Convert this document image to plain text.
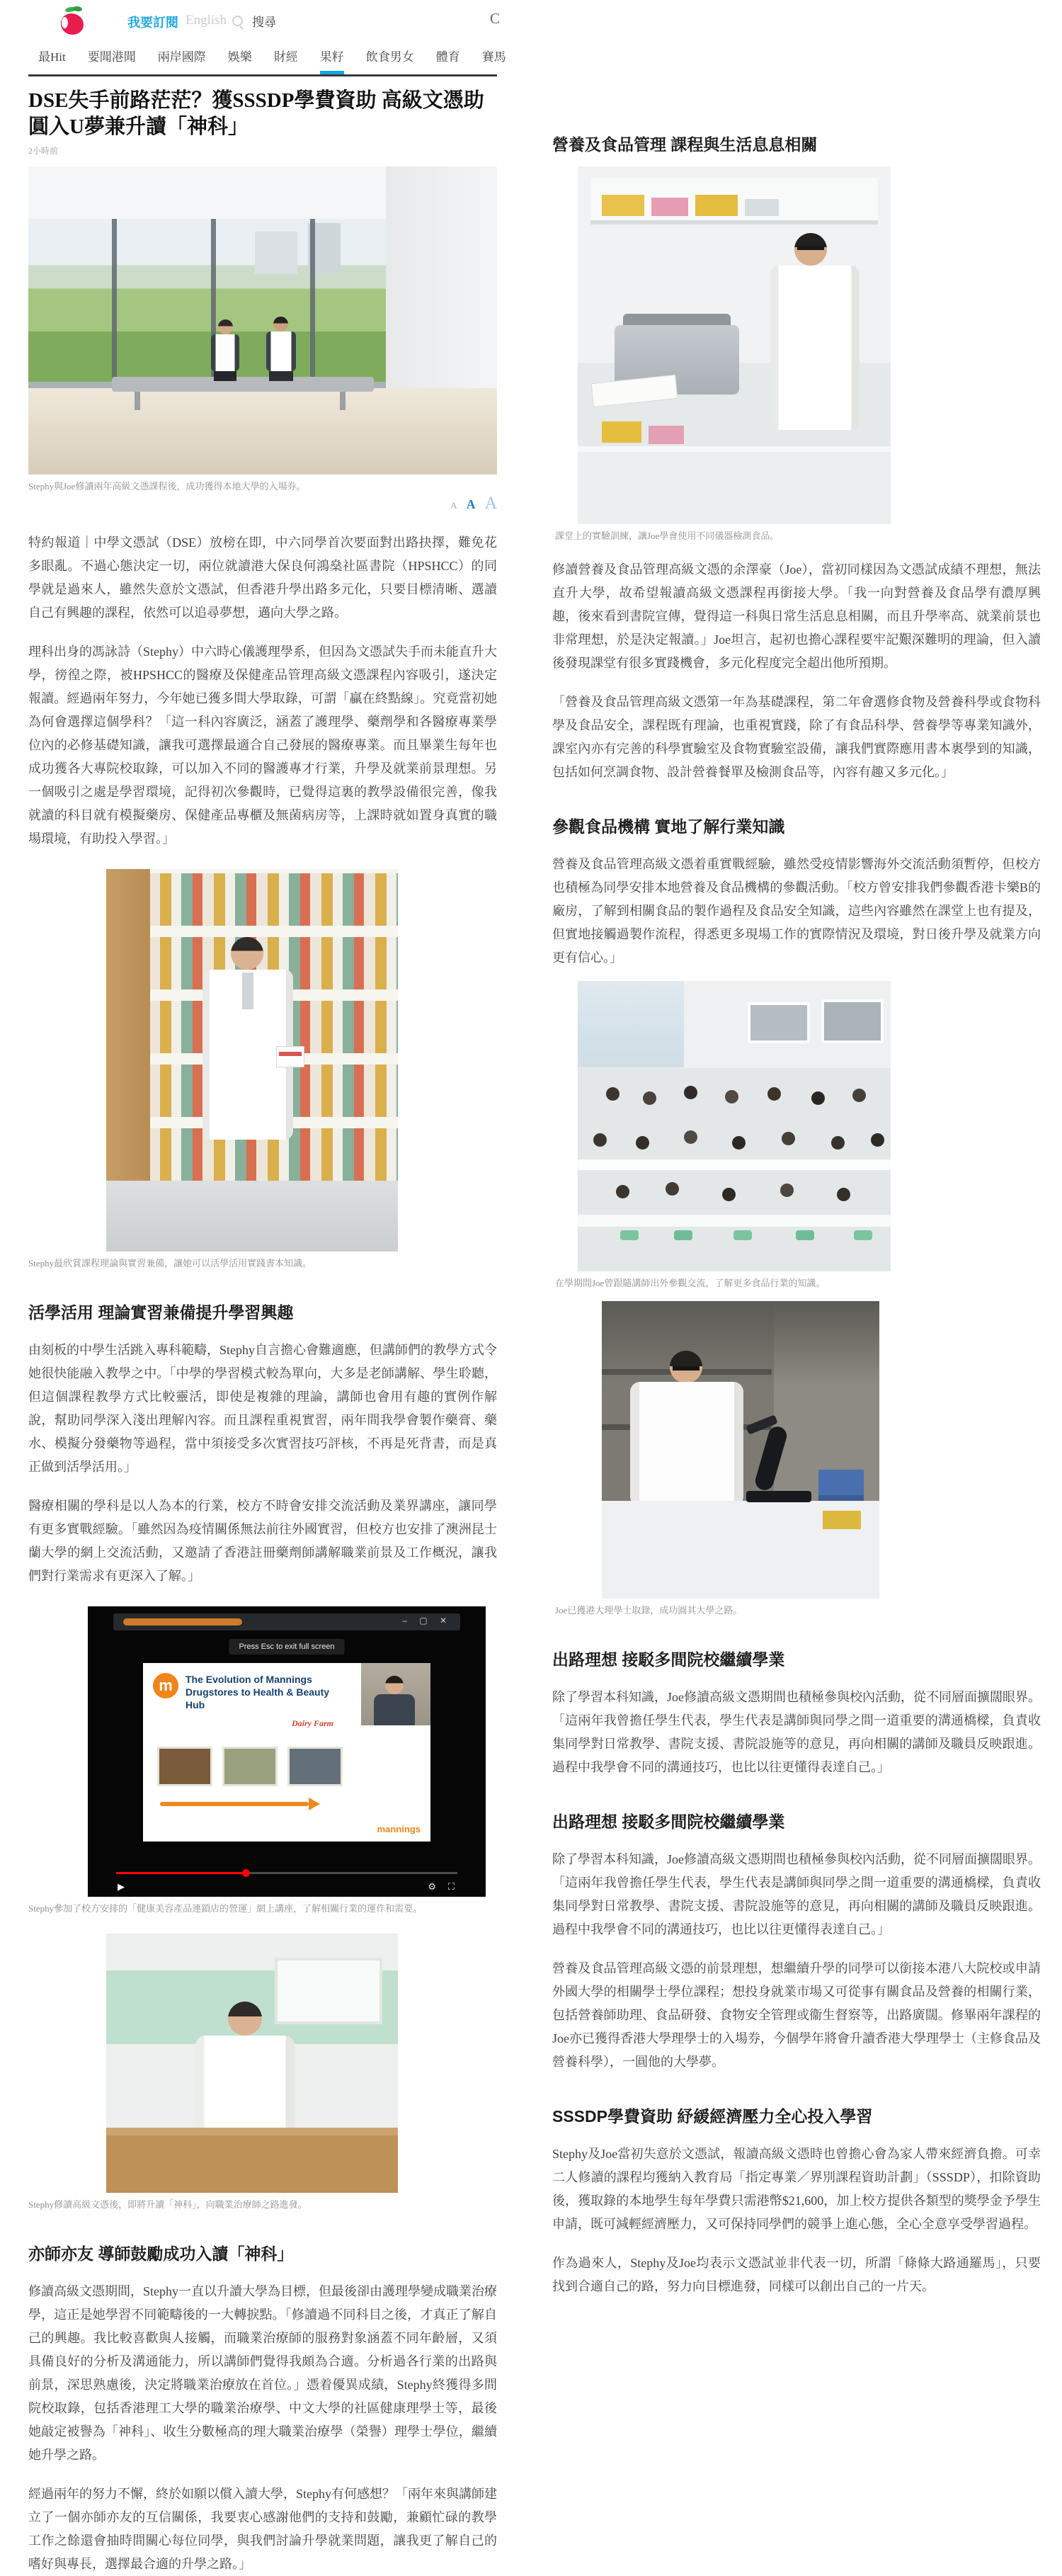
我要訂閱 English	搜尋	C
最Hit 要聞港聞 兩岸國際 娛樂 財經 果籽 飲食男女 體育 賽馬
DSE失手前路茫茫？獲SSSDP學費資助 高級文憑助圓入U夢兼升讀「神科」
2小時前
Stephy與Joe修讀兩年高級文憑課程後，成功獲得本地大學的入場券。
A A A

特約報道｜中學文憑試（DSE）放榜在即，中六同學首次要面對出路抉擇，難免花多眼亂。不過心態決定一切，兩位就讀港大保良何鴻燊社區書院（HPSHCC）的同學就是過來人，雖然失意於文憑試，但香港升學出路多元化，只要目標清晰、選讀自己有興趣的課程，依然可以追尋夢想，邁向大學之路。

理科出身的馮詠詩（Stephy）中六時心儀護理學系，但因為文憑試失手而未能直升大學，徬徨之際，被HPSHCC的醫療及保健產品管理高級文憑課程內容吸引，遂決定報讀。經過兩年努力，今年她已獲多間大學取錄，可謂「贏在終點線」。究竟當初她為何會選擇這個學科？「這一科內容廣泛，涵蓋了護理學、藥劑學和各醫療專業學位內的必修基礎知識，讓我可選擇最適合自己發展的醫療專業。而且畢業生每年也成功獲各大專院校取錄，可以加入不同的醫護專才行業，升學及就業前景理想。另一個吸引之處是學習環境，記得初次參觀時，已覺得這裏的教學設備很完善，像我就讀的科目就有模擬藥房、保健產品專櫃及無菌病房等，上課時就如置身真實的職場環境，有助投入學習。」

Stephy最欣賞課程理論與實習兼備，讓她可以活學活用實踐書本知識。
活學活用 理論實習兼備提升學習興趣

由刻板的中學生活跳入專科範疇，Stephy自言擔心會難適應，但講師們的教學方式令她很快能融入教學之中。「中學的學習模式較為單向，大多是老師講解、學生聆聽，但這個課程教學方式比較靈活，即使是複雜的理論，講師也會用有趣的實例作解說，幫助同學深入淺出理解內容。而且課程重視實習，兩年間我學會製作藥膏、藥水、模擬分發藥物等過程，當中須接受多次實習技巧評核，不再是死背書，而是真正做到活學活用。」

醫療相關的學科是以人為本的行業，校方不時會安排交流活動及業界講座，讓同學有更多實戰經驗。「雖然因為疫情關係無法前往外國實習，但校方也安排了澳洲昆士蘭大學的網上交流活動，又邀請了香港註冊藥劑師講解職業前景及工作概況，讓我們對行業需求有更深入了解。」

– ▢ ✕
Press Esc to exit full screen
m	The Evolution of Mannings Drugstores to Health & Beauty Hub
Dairy Farm
mannings
▶	⚙ ⛶
Stephy參加了校方安排的「健康美容產品連鎖店的營運」網上講座，了解相關行業的運作和需要。
Stephy修讀高級文憑後，即將升讀「神科」，向職業治療師之路進發。
亦師亦友 導師鼓勵成功入讀「神科」

修讀高級文憑期間，Stephy一直以升讀大學為目標，但最後卻由護理學變成職業治療學，這正是她學習不同範疇後的一大轉捩點。「修讀過不同科目之後，才真正了解自己的興趣。我比較喜歡與人接觸，而職業治療師的服務對象涵蓋不同年齡層，又須具備良好的分析及溝通能力，所以講師們覺得我頗為合適。分析過各行業的出路與前景，深思熟慮後，決定將職業治療放在首位。」憑着優異成績，Stephy終獲得多間院校取錄，包括香港理工大學的職業治療學、中文大學的社區健康理學士等，最後她敲定被譽為「神科」、收生分數極高的理大職業治療學（榮譽）理學士學位，繼續她升學之路。

經過兩年的努力不懈，終於如願以償入讀大學，Stephy有何感想？「兩年來與講師建立了一個亦師亦友的互信關係，我要衷心感謝他們的支持和鼓勵，兼顧忙碌的教學工作之餘還會抽時間關心每位同學，與我們討論升學就業問題，讓我更了解自己的嗜好與專長，選擇最合適的升學之路。」

營養及食品管理 課程與生活息息相關
課堂上的實驗訓練，讓Joe學會使用不同儀器檢測食品。

修讀營養及食品管理高級文憑的余澤豪（Joe），當初同樣因為文憑試成績不理想，無法直升大學，故希望報讀高級文憑課程再銜接大學。「我一向對營養及食品學有濃厚興趣，後來看到書院宣傳，覺得這一科與日常生活息息相關，而且升學率高、就業前景也非常理想，於是決定報讀。」Joe坦言，起初也擔心課程要牢記艱深難明的理論，但入讀後發現課堂有很多實踐機會，多元化程度完全超出他所預期。

「營養及食品管理高級文憑第一年為基礎課程，第二年會選修食物及營養科學或食物科學及食品安全，課程既有理論，也重視實踐，除了有食品科學、營養學等專業知識外，課室內亦有完善的科學實驗室及食物實驗室設備，讓我們實際應用書本裏學到的知識，包括如何烹調食物、設計營養餐單及檢測食品等，內容有趣又多元化。」

參觀食品機構 實地了解行業知識

營養及食品管理高級文憑着重實戰經驗，雖然受疫情影響海外交流活動須暫停，但校方也積極為同學安排本地營養及食品機構的參觀活動。「校方曾安排我們參觀香港卡樂B的廠房，了解到相關食品的製作過程及食品安全知識，這些內容雖然在課堂上也有提及，但實地接觸過製作流程，得悉更多現場工作的實際情況及環境，對日後升學及就業方向更有信心。」

在學期間Joe曾跟隨講師出外參觀交流，了解更多食品行業的知識。
Joe已獲港大理學士取錄，成功圓其大學之路。
出路理想 接駁多間院校繼續學業

除了學習本科知識，Joe修讀高級文憑期間也積極參與校內活動，從不同層面擴闊眼界。「這兩年我曾擔任學生代表，學生代表是講師與同學之間一道重要的溝通橋樑，負責收集同學對日常教學、書院支援、書院設施等的意見，再向相關的講師及職員反映跟進。過程中我學會不同的溝通技巧，也比以往更懂得表達自己。」

出路理想 接駁多間院校繼續學業

除了學習本科知識，Joe修讀高級文憑期間也積極參與校內活動，從不同層面擴闊眼界。「這兩年我曾擔任學生代表，學生代表是講師與同學之間一道重要的溝通橋樑，負責收集同學對日常教學、書院支援、書院設施等的意見，再向相關的講師及職員反映跟進。過程中我學會不同的溝通技巧，也比以往更懂得表達自己。」

營養及食品管理高級文憑的前景理想，想繼續升學的同學可以銜接本港八大院校或申請外國大學的相關學士學位課程；想投身就業市場又可從事有關食品及營養的相關行業，包括營養師助理、食品研發、食物安全管理或衞生督察等，出路廣闊。修畢兩年課程的Joe亦已獲得香港大學理學士的入場券，今個學年將會升讀香港大學理學士（主修食品及營養科學），一圓他的大學夢。

SSSDP學費資助 紓緩經濟壓力全心投入學習

Stephy及Joe當初失意於文憑試，報讀高級文憑時也曾擔心會為家人帶來經濟負擔。可幸二人修讀的課程均獲納入教育局「指定專業／界別課程資助計劃」（SSSDP），扣除資助後，獲取錄的本地學生每年學費只需港幣$21,600，加上校方提供各類型的獎學金予學生申請，既可減輕經濟壓力，又可保持同學們的競爭上進心態，全心全意享受學習過程。

作為過來人，Stephy及Joe均表示文憑試並非代表一切，所謂「條條大路通羅馬」，只要找到合適自己的路，努力向目標進發，同樣可以創出自己的一片天。
